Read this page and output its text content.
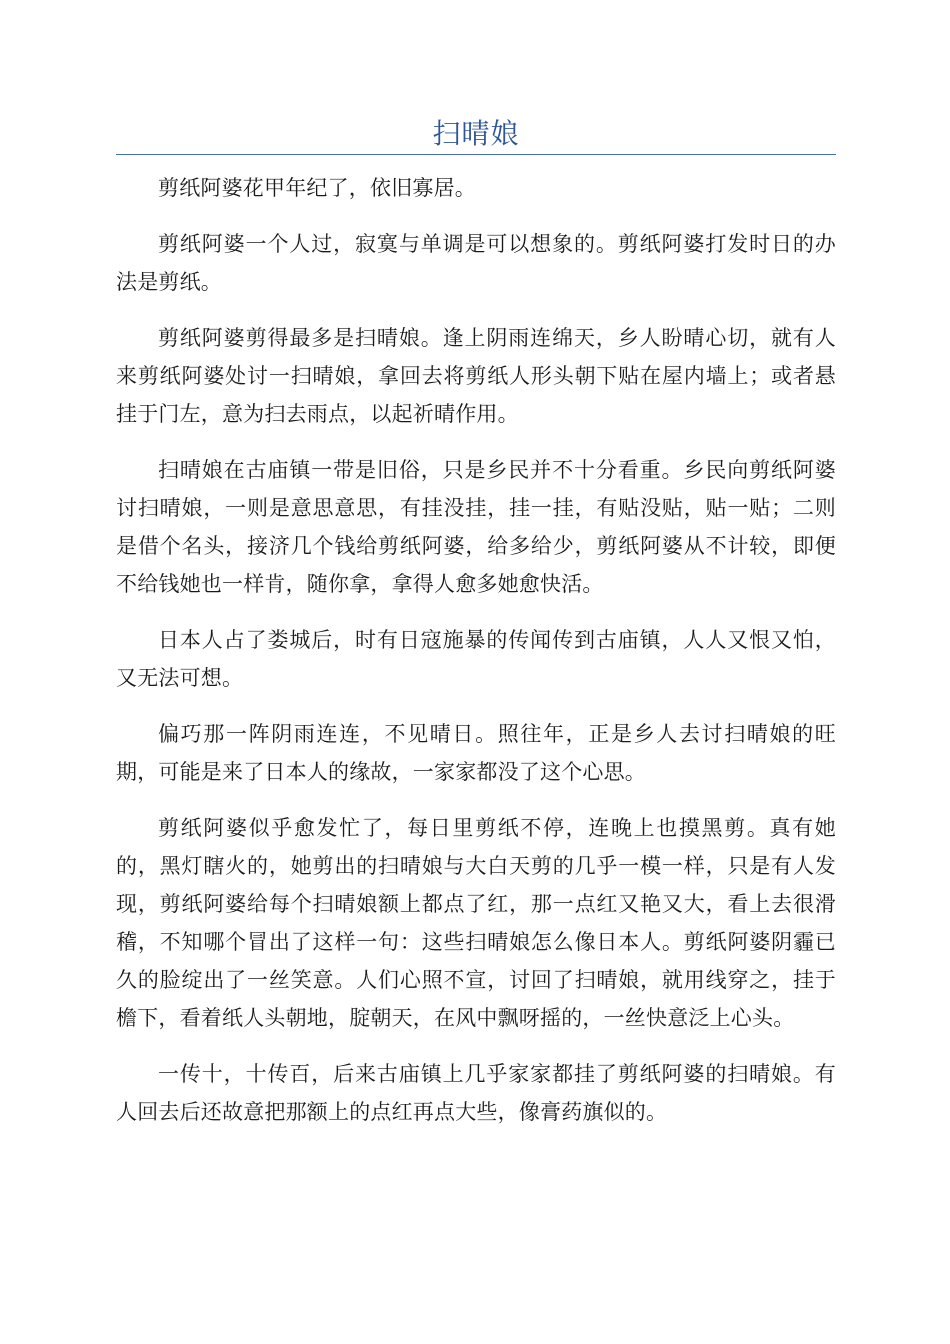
扫晴娘

剪纸阿婆花甲年纪了，依旧寡居。

剪纸阿婆一个人过，寂寞与单调是可以想象的。剪纸阿婆打发时日的办法是剪纸。

剪纸阿婆剪得最多是扫晴娘。逢上阴雨连绵天，乡人盼晴心切，就有人来剪纸阿婆处讨一扫晴娘，拿回去将剪纸人形头朝下贴在屋内墙上；或者悬挂于门左，意为扫去雨点，以起祈晴作用。

扫晴娘在古庙镇一带是旧俗，只是乡民并不十分看重。乡民向剪纸阿婆讨扫晴娘，一则是意思意思，有挂没挂，挂一挂，有贴没贴，贴一贴；二则是借个名头，接济几个钱给剪纸阿婆，给多给少，剪纸阿婆从不计较，即便不给钱她也一样肯，随你拿，拿得人愈多她愈快活。

日本人占了娄城后，时有日寇施暴的传闻传到古庙镇，人人又恨又怕，又无法可想。

偏巧那一阵阴雨连连，不见晴日。照往年，正是乡人去讨扫晴娘的旺期，可能是来了日本人的缘故，一家家都没了这个心思。

剪纸阿婆似乎愈发忙了，每日里剪纸不停，连晚上也摸黑剪。真有她的，黑灯瞎火的，她剪出的扫晴娘与大白天剪的几乎一模一样，只是有人发现，剪纸阿婆给每个扫晴娘额上都点了红，那一点红又艳又大，看上去很滑稽，不知哪个冒出了这样一句：这些扫晴娘怎么像日本人。剪纸阿婆阴霾已久的脸绽出了一丝笑意。人们心照不宣，讨回了扫晴娘，就用线穿之，挂于檐下，看着纸人头朝地，腚朝天，在风中飘呀摇的，一丝快意泛上心头。

一传十，十传百，后来古庙镇上几乎家家都挂了剪纸阿婆的扫晴娘。有人回去后还故意把那额上的点红再点大些，像膏药旗似的。
